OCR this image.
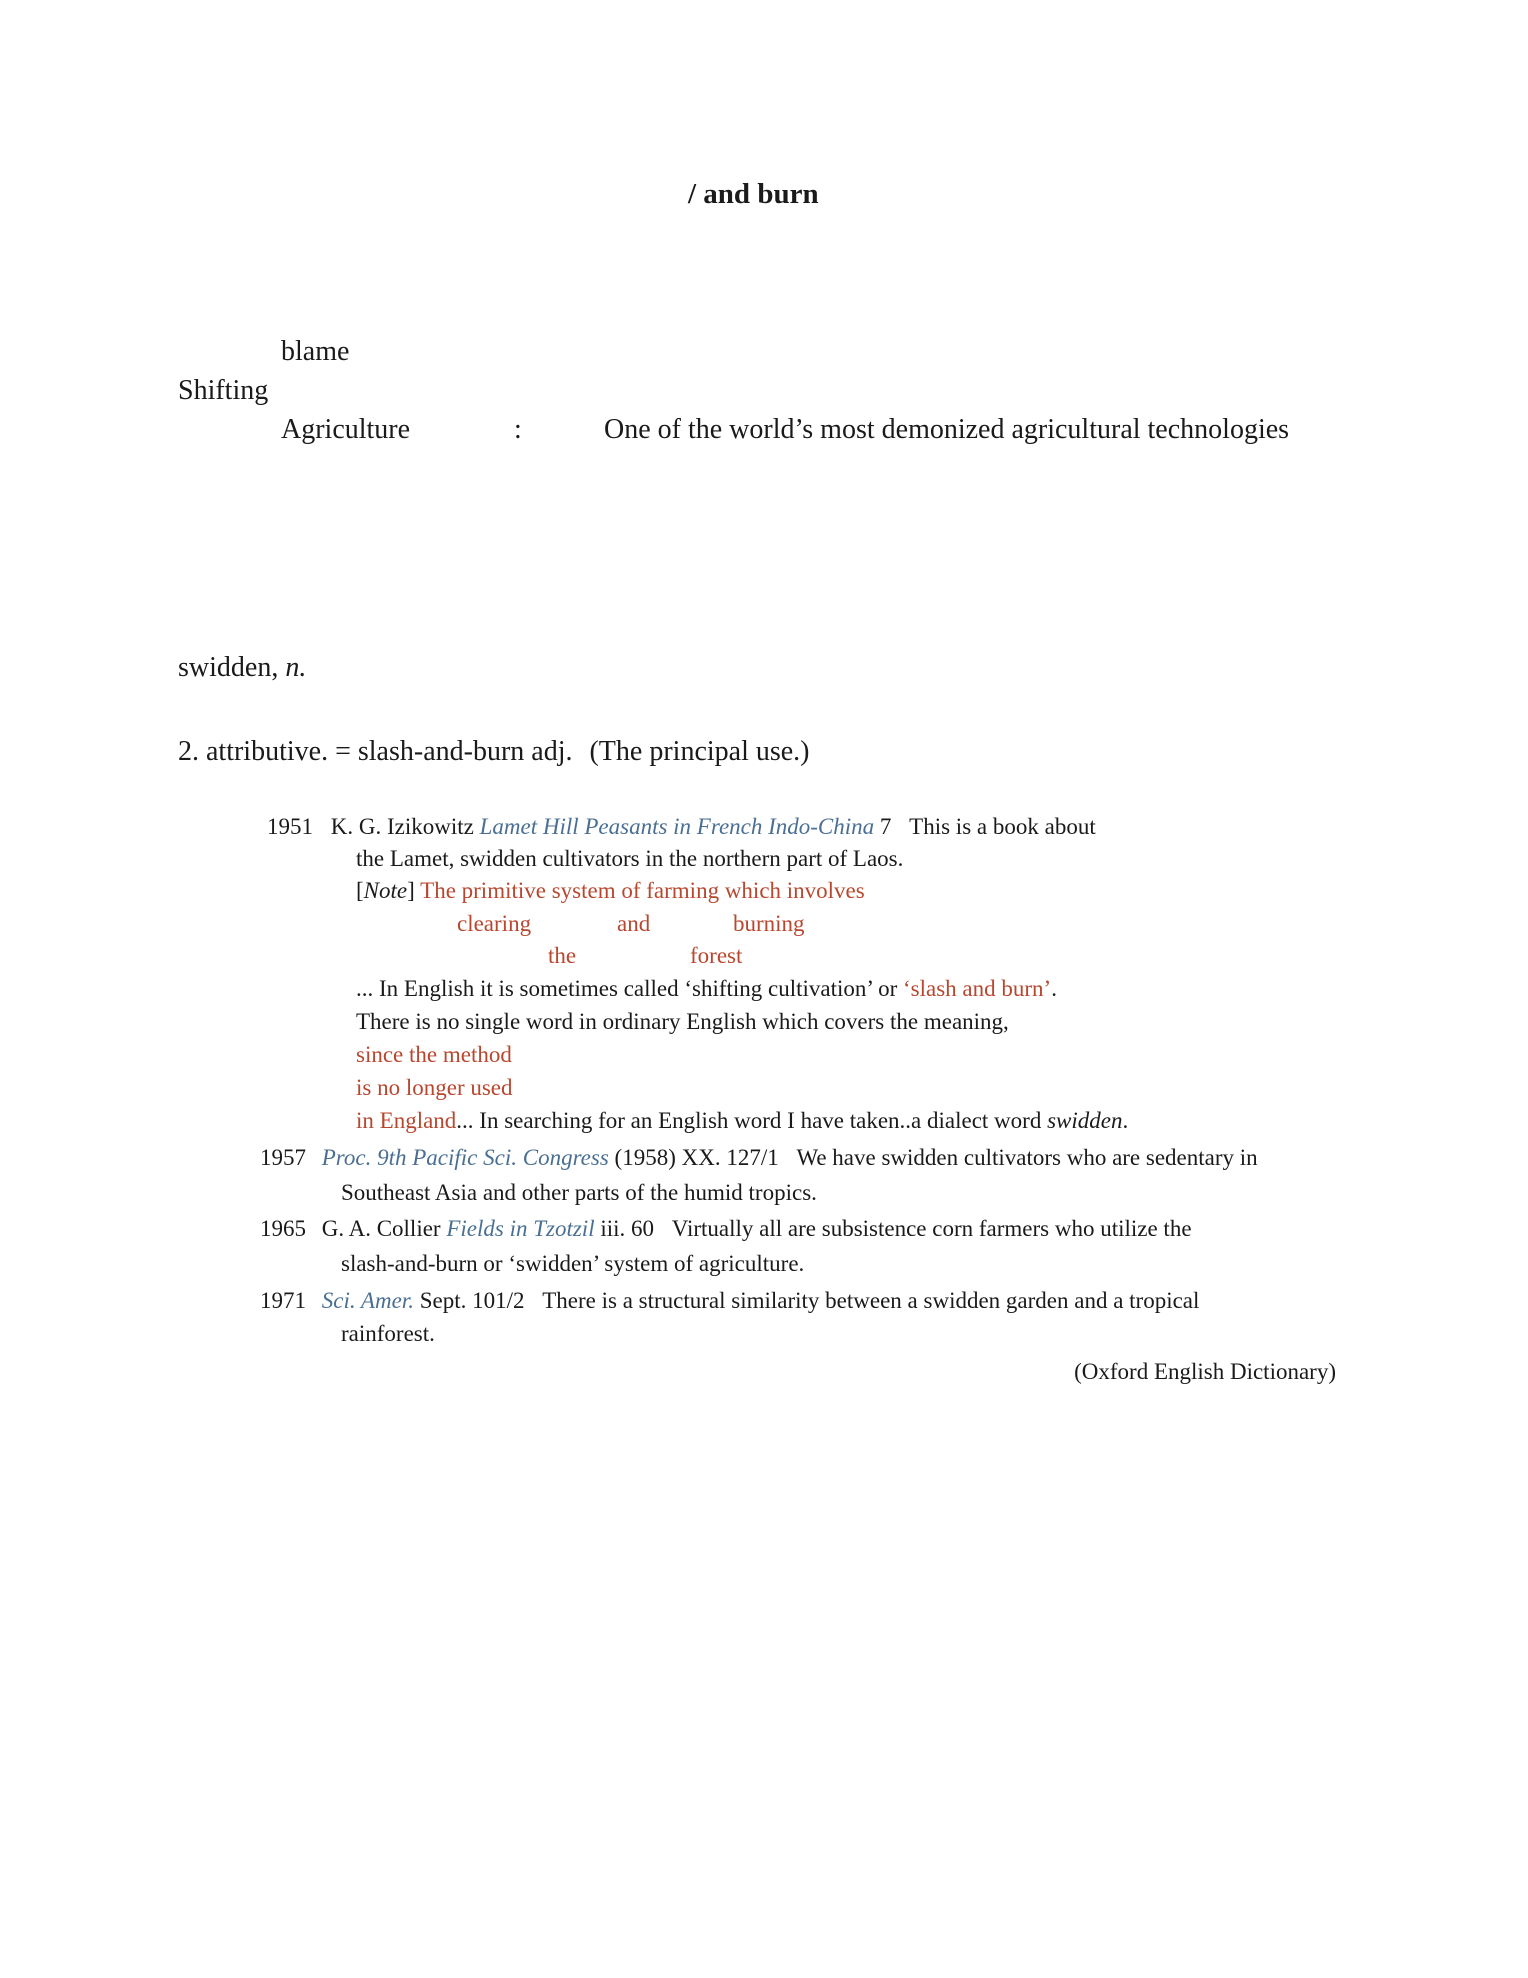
/ and burn
blame
Shifting
Agriculture	:	One of the world’s most demonized agricultural technologies
swidden, n.
2. attributive. = slash-and-burn adj. (The principal use.)
1951 K. G. Izikowitz Lamet Hill Peasants in French Indo-China 7 This is a book about
the Lamet, swidden cultivators in the northern part of Laos.
[Note] The primitive system of farming which involves
clearing	and	burning
the	forest
... In English it is sometimes called ‘shifting cultivation’ or ‘slash and burn’.
There is no single word in ordinary English which covers the meaning,
since the method
is no longer used
in England... In searching for an English word I have taken..a dialect word swidden.
1957 Proc. 9th Pacific Sci. Congress (1958) XX. 127/1 We have swidden cultivators who are sedentary in
Southeast Asia and other parts of the humid tropics.
1965 G. A. Collier Fields in Tzotzil iii. 60 Virtually all are subsistence corn farmers who utilize the
slash-and-burn or ‘swidden’ system of agriculture.
1971 Sci. Amer. Sept. 101/2 There is a structural similarity between a swidden garden and a tropical
rainforest.
(Oxford English Dictionary)
